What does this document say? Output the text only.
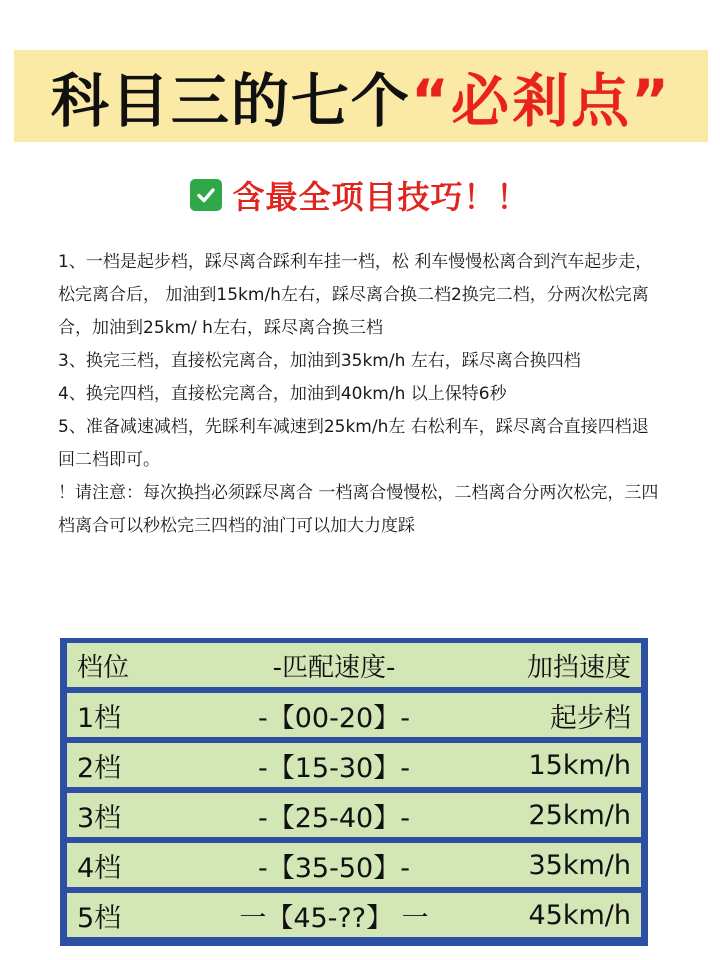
科目三的七个 “必剎点”
含最全项目技巧！！

1、一档是起步档，踩尽离合踩利车挂一档，松 利车慢慢松离合到汽车起步走，松完离合后， 加油到15km/h左右，踩尽离合换二档2换完二档，分两次松完离合，加油到25km/ h左右，踩尽离合换三档

3、换完三档，直接松完离合，加油到35km/h 左右，踩尽离合换四档

4、换完四档，直接松完离合，加油到40km/h 以上保特6秒

5、准备减速减档，先睬利车减速到25km/h左 右松利车，踩尽离合直接四档退回二档即可。

！请注意：每次换挡必须踩尽离合 一档离合慢慢松，二档离合分两次松完，三四 档离合可以秒松完三四档的油门可以加大力度踩

档位	-匹配速度-	加挡速度
1档	-【00-20】-	起步档
2档	-【15-30】-	15km/h
3档	-【25-40】-	25km/h
4档	-【35-50】-	35km/h
5档	一【45-??】 一	45km/h
